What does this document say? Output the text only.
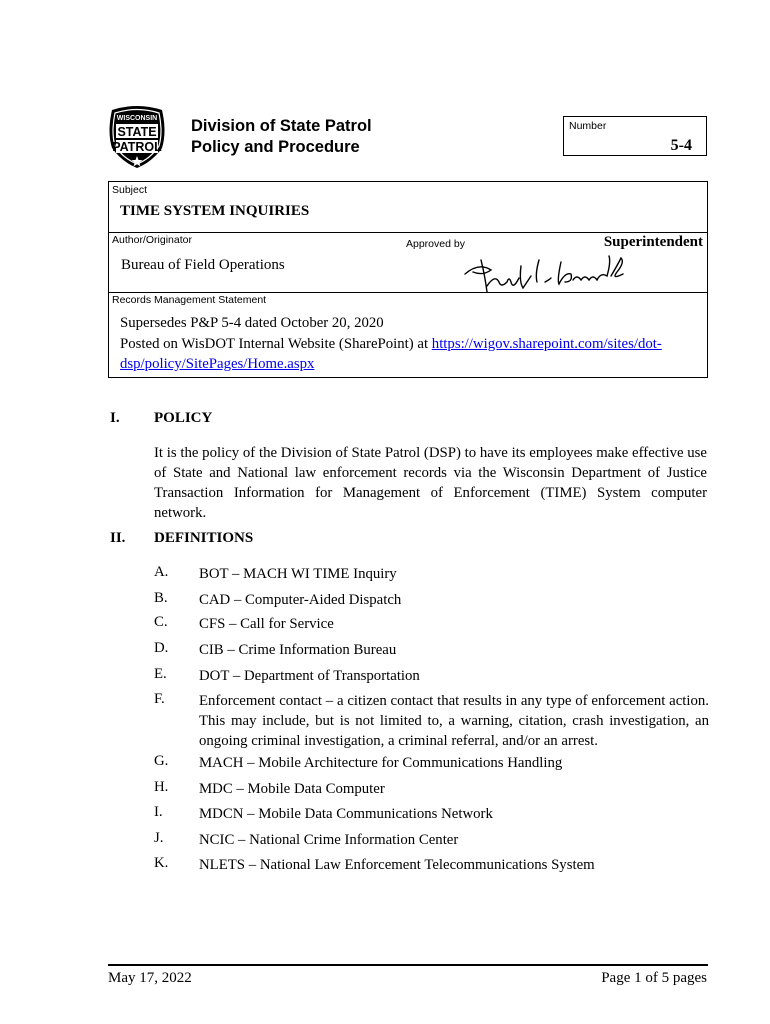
WISCONSIN
STATE
PATROL
Division of State Patrol
Policy and Procedure
Number
5-4
Subject
TIME SYSTEM INQUIRIES
Author/Originator
Bureau of Field Operations
Approved by	Superintendent
Records Management Statement
Supersedes P&P 5-4 dated October 20, 2020
Posted on WisDOT Internal Website (SharePoint) at https://wigov.sharepoint.com/sites/dot-dsp/policy/SitePages/Home.aspx
I. POLICY
It is the policy of the Division of State Patrol (DSP) to have its employees make effective use of State and National law enforcement records via the Wisconsin Department of Justice Transaction Information for Management of Enforcement (TIME) System computer network.
II. DEFINITIONS
A. BOT – MACH WI TIME Inquiry
B. CAD – Computer-Aided Dispatch
C. CFS – Call for Service
D. CIB – Crime Information Bureau
E. DOT – Department of Transportation
F. Enforcement contact – a citizen contact that results in any type of enforcement action. This may include, but is not limited to, a warning, citation, crash investigation, an ongoing criminal investigation, a criminal referral, and/or an arrest.
G. MACH – Mobile Architecture for Communications Handling
H. MDC – Mobile Data Computer
I. MDCN – Mobile Data Communications Network
J. NCIC – National Crime Information Center
K. NLETS – National Law Enforcement Telecommunications System
May 17, 2022	Page 1 of 5 pages
